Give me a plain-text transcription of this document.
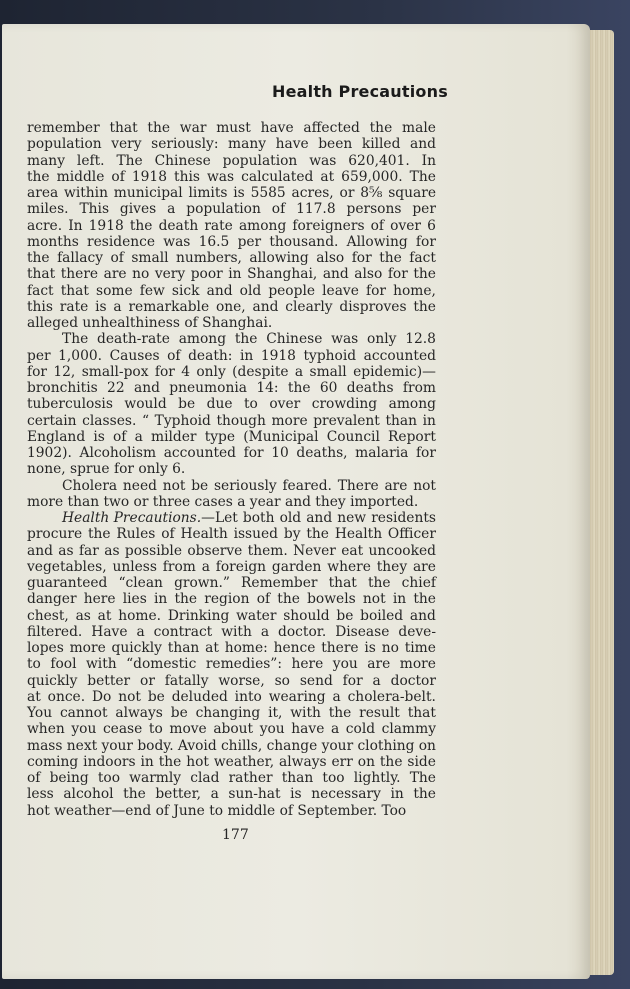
Health Precautions
remember that the war must have affected the male
population very seriously: many have been killed and
many left. The Chinese population was 620,401. In
the middle of 1918 this was calculated at 659,000. The
area within municipal limits is 5585 acres, or 8⅝ square
miles. This gives a population of 117.8 persons per
acre. In 1918 the death rate among foreigners of over 6
months residence was 16.5 per thousand. Allowing for
the fallacy of small numbers, allowing also for the fact
that there are no very poor in Shanghai, and also for the
fact that some few sick and old people leave for home,
this rate is a remarkable one, and clearly disproves the
alleged unhealthiness of Shanghai.
The death-rate among the Chinese was only 12.8
per 1,000. Causes of death: in 1918 typhoid accounted
for 12, small-pox for 4 only (despite a small epidemic)—
bronchitis 22 and pneumonia 14: the 60 deaths from
tuberculosis would be due to over crowding among
certain classes. “ Typhoid though more prevalent than in
England is of a milder type (Municipal Council Report
1902). Alcoholism accounted for 10 deaths, malaria for
none, sprue for only 6.
Cholera need not be seriously feared. There are not
more than two or three cases a year and they imported.
Health Precautions.—Let both old and new residents
procure the Rules of Health issued by the Health Officer
and as far as possible observe them. Never eat uncooked
vegetables, unless from a foreign garden where they are
guaranteed “clean grown.” Remember that the chief
danger here lies in the region of the bowels not in the
chest, as at home. Drinking water should be boiled and
filtered. Have a contract with a doctor. Disease deve-
lopes more quickly than at home: hence there is no time
to fool with “domestic remedies”: here you are more
quickly better or fatally worse, so send for a doctor
at once. Do not be deluded into wearing a cholera-belt.
You cannot always be changing it, with the result that
when you cease to move about you have a cold clammy
mass next your body. Avoid chills, change your clothing on
coming indoors in the hot weather, always err on the side
of being too warmly clad rather than too lightly. The
less alcohol the better, a sun-hat is necessary in the
hot weather—end of June to middle of September. Too
177
